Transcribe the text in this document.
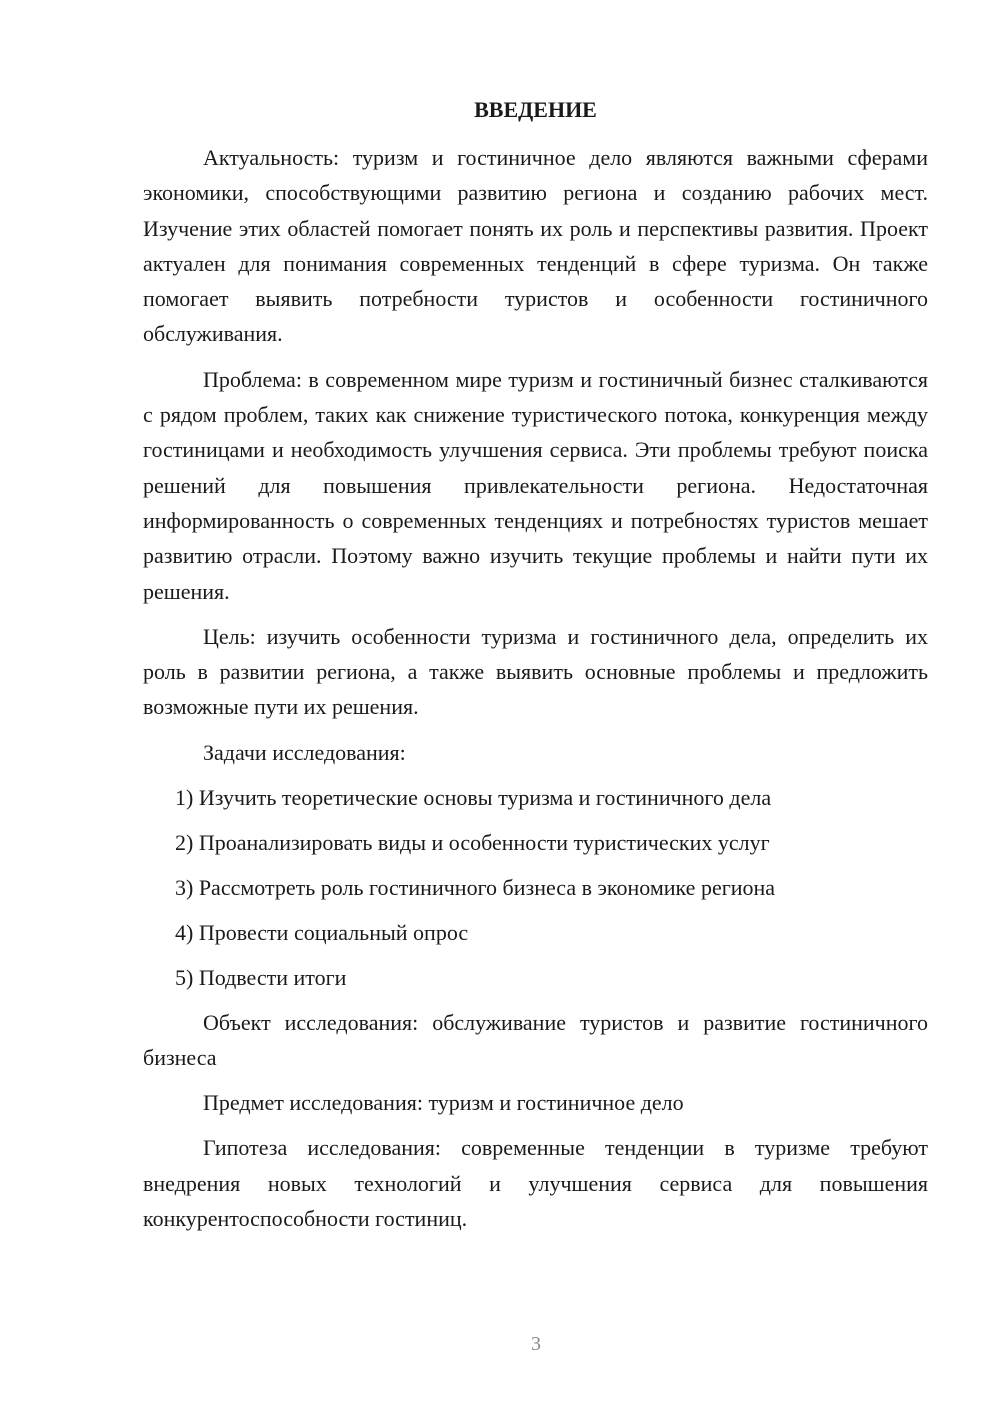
ВВЕДЕНИЕ

Актуальность: туризм и гостиничное дело являются важными сферами экономики, способствующими развитию региона и созданию рабочих мест. Изучение этих областей помогает понять их роль и перспективы развития. Проект актуален для понимания современных тенденций в сфере туризма. Он также помогает выявить потребности туристов и особенности гостиничного обслуживания.

Проблема: в современном мире туризм и гостиничный бизнес сталкиваются с рядом проблем, таких как снижение туристического потока, конкуренция между гостиницами и необходимость улучшения сервиса. Эти проблемы требуют поиска решений для повышения привлекательности региона. Недостаточная информированность о современных тенденциях и потребностях туристов мешает развитию отрасли. Поэтому важно изучить текущие проблемы и найти пути их решения.

Цель: изучить особенности туризма и гостиничного дела, определить их роль в развитии региона, а также выявить основные проблемы и предложить возможные пути их решения.

Задачи исследования:

1) Изучить теоретические основы туризма и гостиничного дела
2) Проанализировать виды и особенности туристических услуг
3) Рассмотреть роль гостиничного бизнеса в экономике региона
4) Провести социальный опрос
5) Подвести итоги

Объект исследования: обслуживание туристов и развитие гостиничного бизнеса

Предмет исследования: туризм и гостиничное дело

Гипотеза исследования: современные тенденции в туризме требуют внедрения новых технологий и улучшения сервиса для повышения конкурентоспособности гостиниц.

3
